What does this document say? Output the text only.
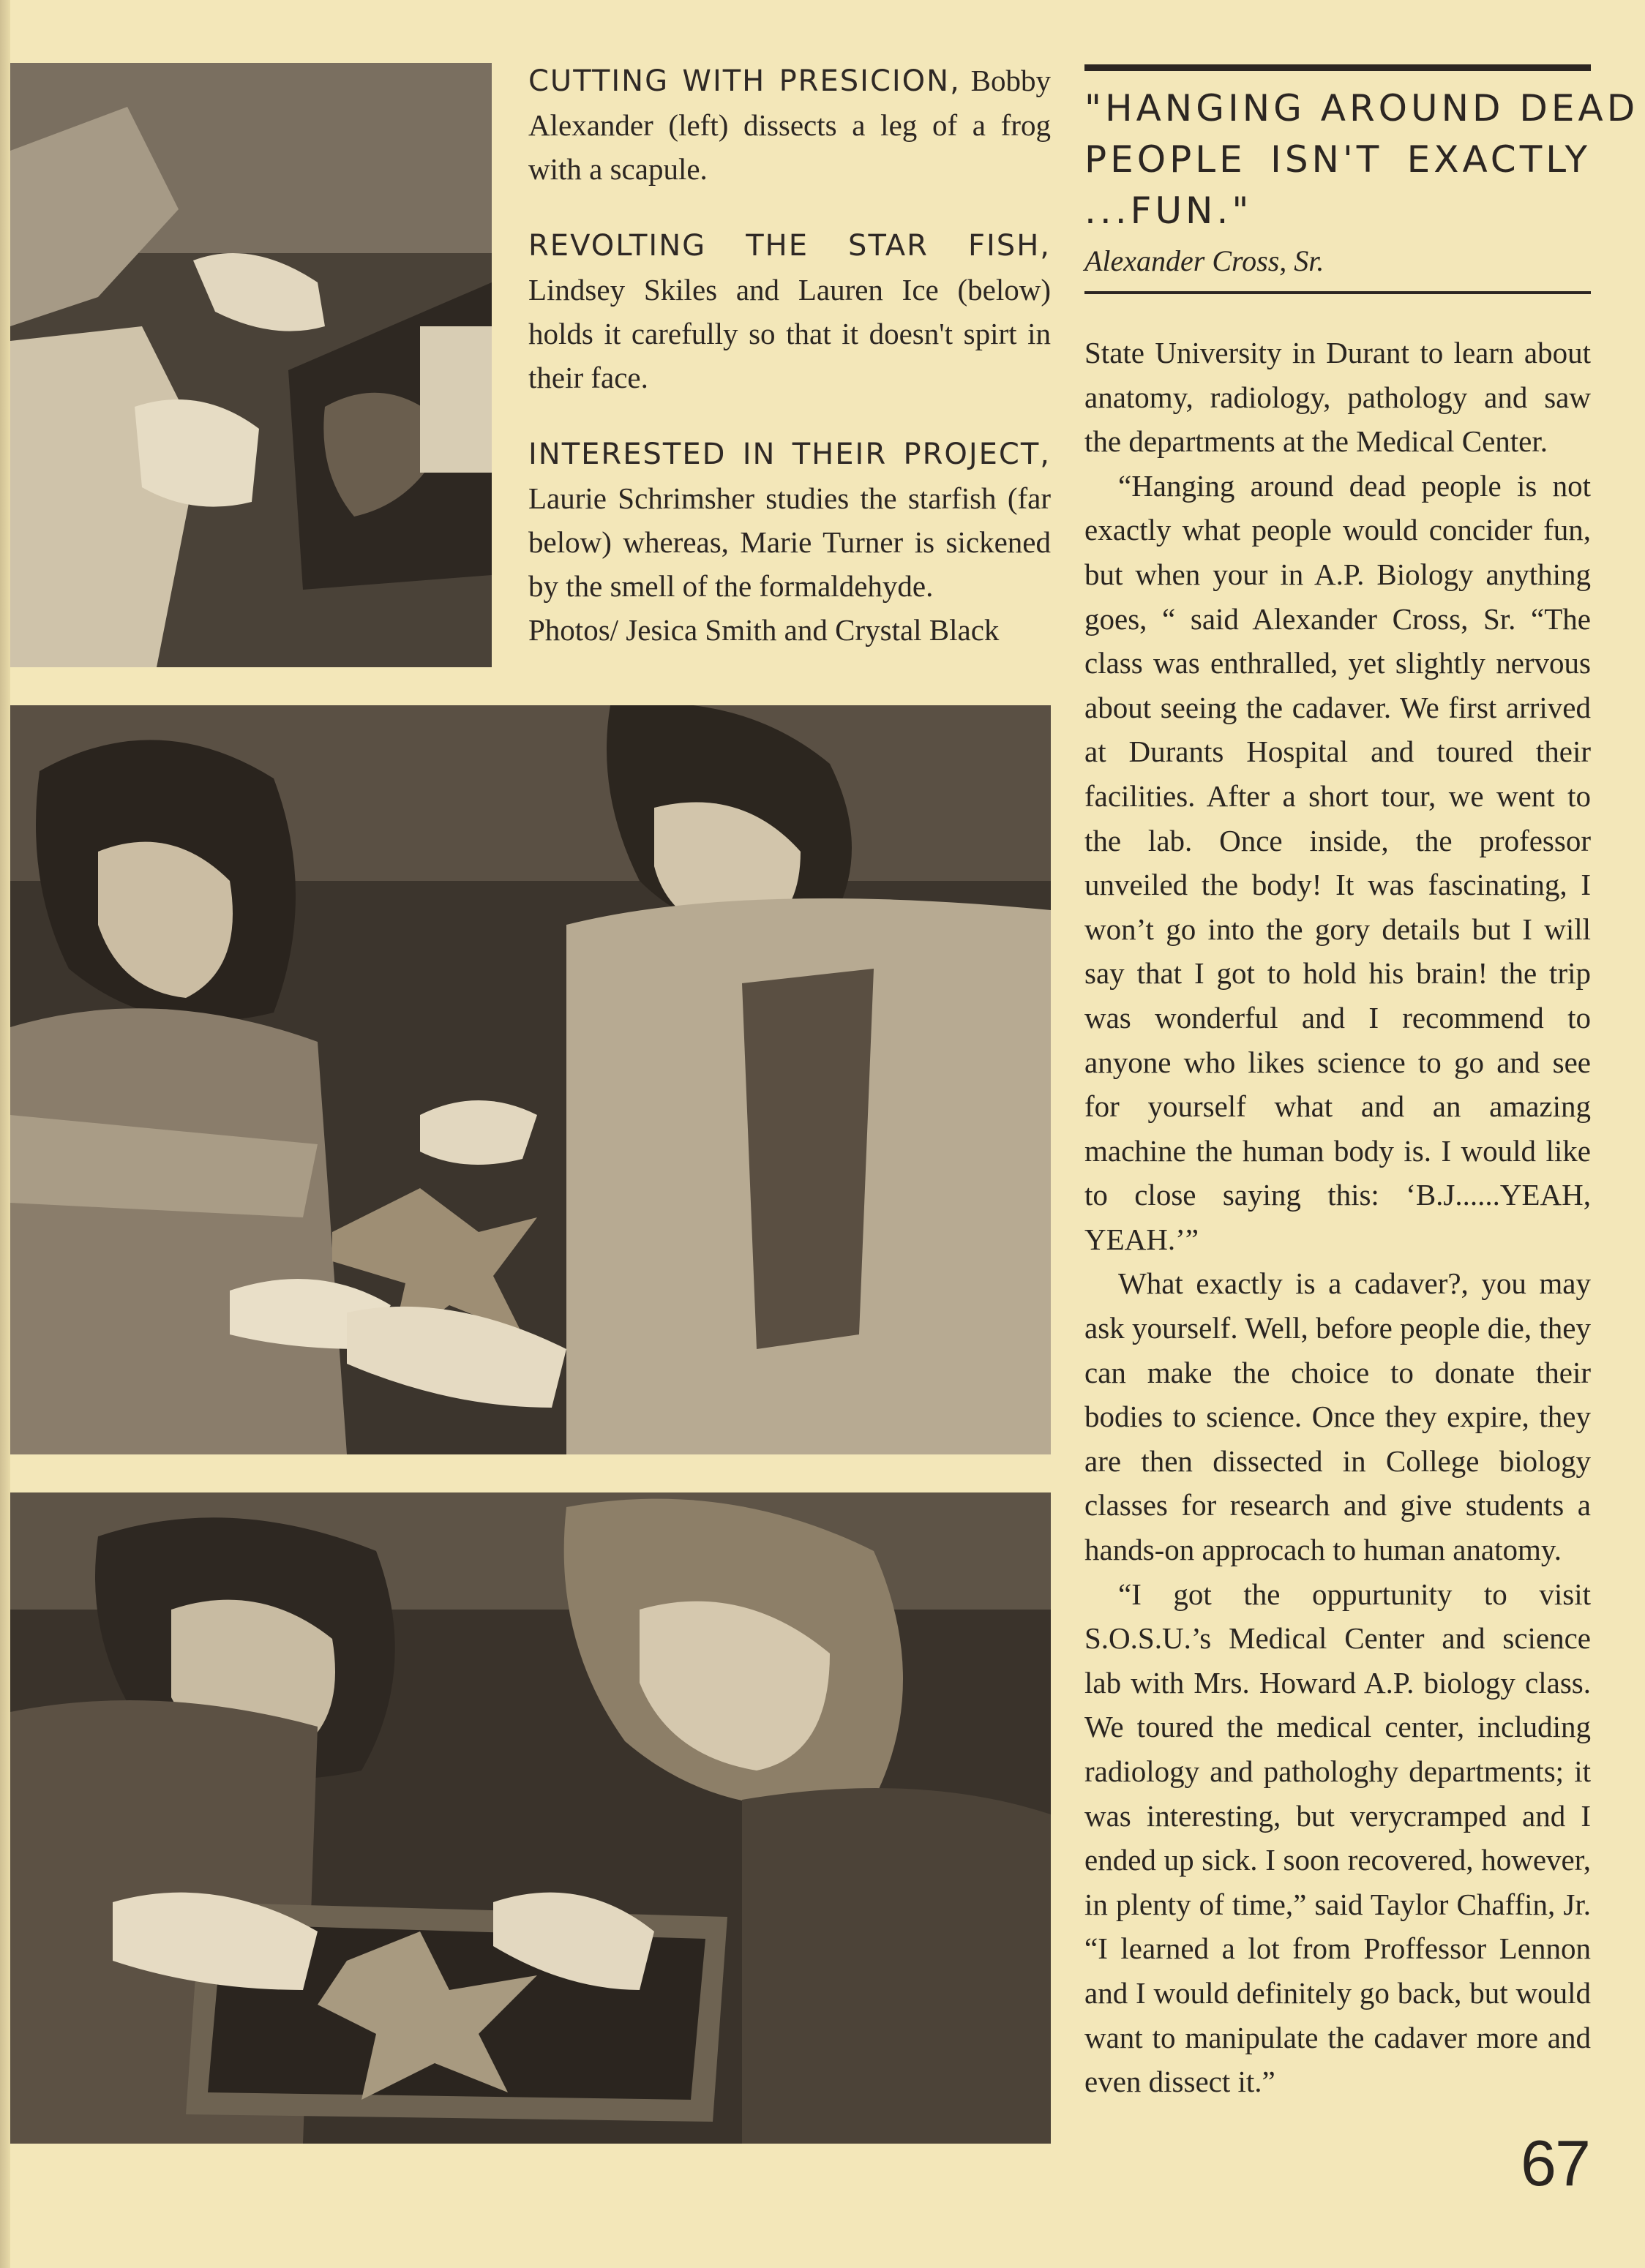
CUTTING WITH PRESICION, Bobby Alexander (left) dissects a leg of a frog with a scapule.

REVOLTING THE STAR FISH, Lindsey Skiles and Lauren Ice (below) holds it carefully so that it doesn't spirt in their face.

INTERESTED IN THEIR PROJECT, Laurie Schrimsher studies the starfish (far below) whereas, Marie Turner is sickened by the smell of the formaldehyde.

Photos/ Jesica Smith and Crystal Black
"HANGING AROUND DEAD
PEOPLE ISN'T EXACTLY
...FUN."
Alexander Cross, Sr.

State University in Durant to learn about anatomy, radiology, pathology and saw the departments at the Medical Center.

“Hanging around dead people is not exactly what people would concider fun, but when your in A.P. Biology anything goes, “ said Alexander Cross, Sr. “The class was enthralled, yet slightly nervous about seeing the cadaver. We first arrived at Durants Hospital and toured their facilities. After a short tour, we went to the lab. Once inside, the professor unveiled the body! It was fascinating, I won’t go into the gory details but I will say that I got to hold his brain! the trip was wonderful and I recommend to anyone who likes science to go and see for yourself what and an amazing machine the human body is. I would like to close saying this: ‘B.J......YEAH, YEAH.’”

What exactly is a cadaver?, you may ask yourself. Well, before people die, they can make the choice to donate their bodies to science. Once they expire, they are then dissected in College biology classes for research and give students a hands-on approcach to human anatomy.

“I got the oppurtunity to visit S.O.S.U.’s Medical Center and science lab with Mrs. Howard A.P. biology class. We toured the medical center, including radiology and pathologhy departments; it was interesting, but verycramped and I ended up sick. I soon recovered, however, in plenty of time,” said Taylor Chaffin, Jr. “I learned a lot from Proffessor Lennon and I would definitely go back, but would want to manipulate the cadaver more and even dissect it.”

67
